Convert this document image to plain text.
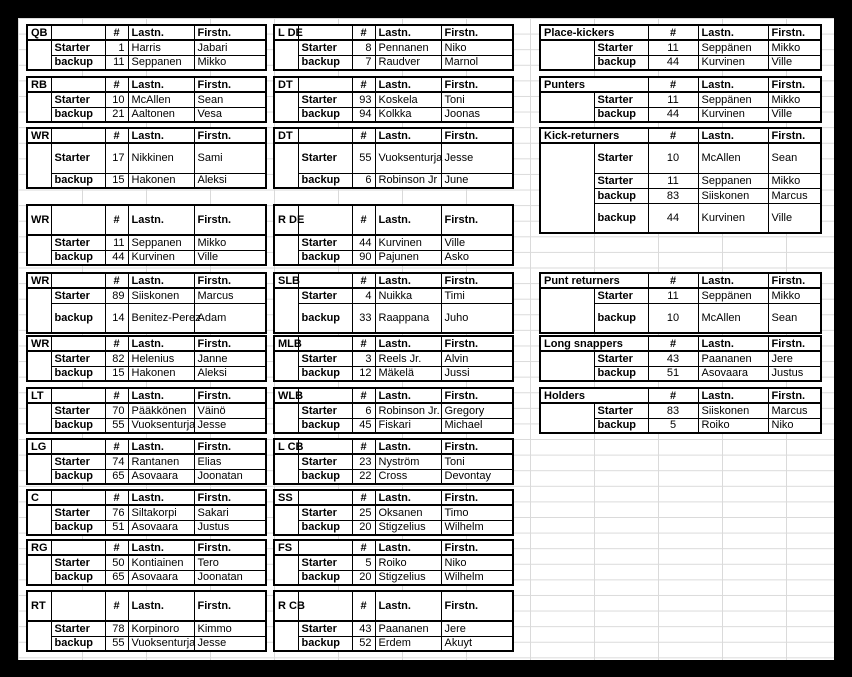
QB		#	Lastn.	Firstn.
	Starter	1	Harris	Jabari
	backup	11	Seppanen	Mikko
RB		#	Lastn.	Firstn.
	Starter	10	McAllen	Sean
	backup	21	Aaltonen	Vesa
WR		#	Lastn.	Firstn.
	Starter	17	Nikkinen	Sami
	backup	15	Hakonen	Aleksi
WR		#	Lastn.	Firstn.
	Starter	11	Seppanen	Mikko
	backup	44	Kurvinen	Ville
WR		#	Lastn.	Firstn.
	Starter	89	Siiskonen	Marcus
	backup	14	Benitez-Perez	Adam
WR		#	Lastn.	Firstn.
	Starter	82	Helenius	Janne
	backup	15	Hakonen	Aleksi
LT		#	Lastn.	Firstn.
	Starter	70	Pääkkönen	Väinö
	backup	55	Vuoksenturja	Jesse
LG		#	Lastn.	Firstn.
	Starter	74	Rantanen	Elias
	backup	65	Asovaara	Joonatan
C		#	Lastn.	Firstn.
	Starter	76	Siltakorpi	Sakari
	backup	51	Asovaara	Justus
RG		#	Lastn.	Firstn.
	Starter	50	Kontiainen	Tero
	backup	65	Asovaara	Joonatan
RT		#	Lastn.	Firstn.
	Starter	78	Korpinoro	Kimmo
	backup	55	Vuoksenturja	Jesse
L DE		#	Lastn.	Firstn.
	Starter	8	Pennanen	Niko
	backup	7	Raudver	Marnol
DT		#	Lastn.	Firstn.
	Starter	93	Koskela	Toni
	backup	94	Kolkka	Joonas
DT		#	Lastn.	Firstn.
	Starter	55	Vuoksenturja	Jesse
	backup	6	Robinson Jr	June
R DE		#	Lastn.	Firstn.
	Starter	44	Kurvinen	Ville
	backup	90	Pajunen	Asko
SLB		#	Lastn.	Firstn.
	Starter	4	Nuikka	Timi
	backup	33	Raappana	Juho
MLB		#	Lastn.	Firstn.
	Starter	3	Reels Jr.	Alvin
	backup	12	Mäkelä	Jussi
WLB		#	Lastn.	Firstn.
	Starter	6	Robinson Jr.	Gregory
	backup	45	Fiskari	Michael
L CB		#	Lastn.	Firstn.
	Starter	23	Nyström	Toni
	backup	22	Cross	Devontay
SS		#	Lastn.	Firstn.
	Starter	25	Oksanen	Timo
	backup	20	Stigzelius	Wilhelm
FS		#	Lastn.	Firstn.
	Starter	5	Roiko	Niko
	backup	20	Stigzelius	Wilhelm
R CB		#	Lastn.	Firstn.
	Starter	43	Paananen	Jere
	backup	52	Erdem	Akuyt
Place-kickers		#	Lastn.	Firstn.
	Starter	11	Seppänen	Mikko
	backup	44	Kurvinen	Ville
Punters		#	Lastn.	Firstn.
	Starter	11	Seppänen	Mikko
	backup	44	Kurvinen	Ville
Kick-returners		#	Lastn.	Firstn.
	Starter	10	McAllen	Sean
	Starter	11	Seppanen	Mikko
	backup	83	Siiskonen	Marcus
	backup	44	Kurvinen	Ville
Punt returners		#	Lastn.	Firstn.
	Starter	11	Seppänen	Mikko
	backup	10	McAllen	Sean
Long snappers		#	Lastn.	Firstn.
	Starter	43	Paananen	Jere
	backup	51	Asovaara	Justus
Holders		#	Lastn.	Firstn.
	Starter	83	Siiskonen	Marcus
	backup	5	Roiko	Niko
